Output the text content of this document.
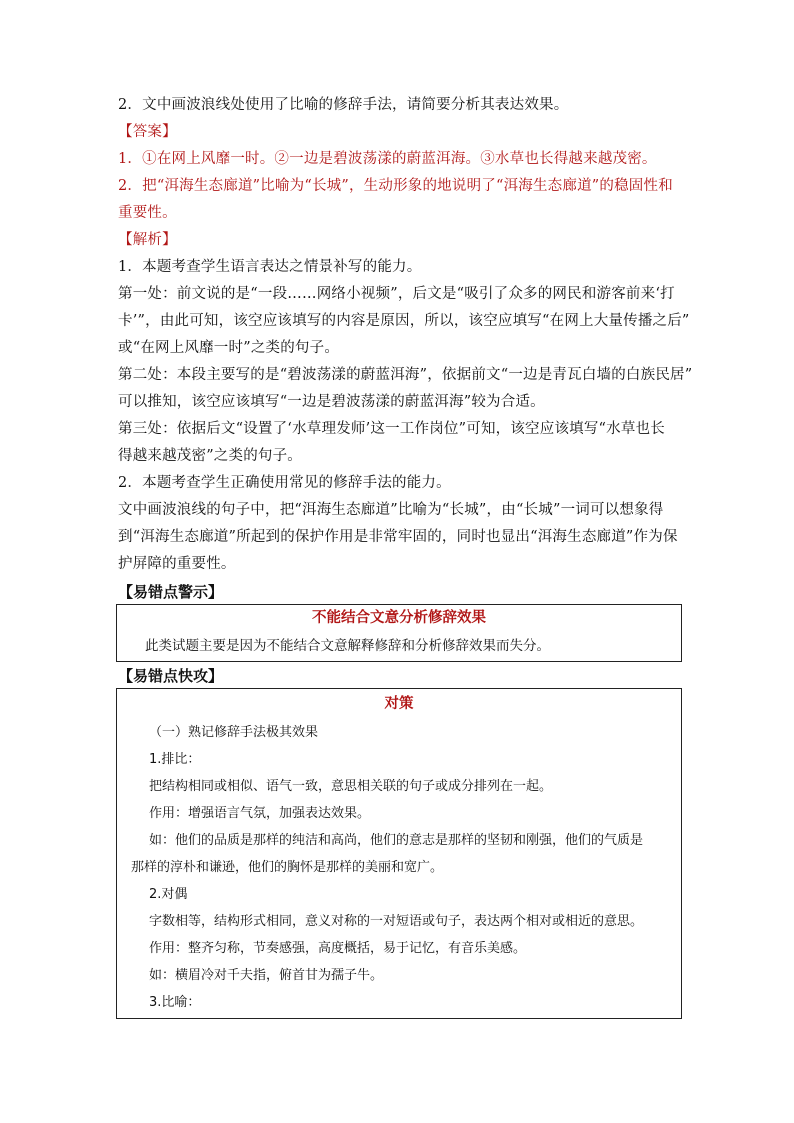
2．文中画波浪线处使用了比喻的修辞手法，请简要分析其表达效果。
【答案】
1．①在网上风靡一时。②一边是碧波荡漾的蔚蓝洱海。③水草也长得越来越茂密。
2．把“洱海生态廊道”比喻为“长城”，生动形象的地说明了“洱海生态廊道”的稳固性和
重要性。
【解析】
1．本题考查学生语言表达之情景补写的能力。
第一处：前文说的是“一段……网络小视频”，后文是“吸引了众多的网民和游客前来‘打
卡’”，由此可知，该空应该填写的内容是原因，所以，该空应填写“在网上大量传播之后”
或“在网上风靡一时”之类的句子。
第二处：本段主要写的是“碧波荡漾的蔚蓝洱海”，依据前文“一边是青瓦白墙的白族民居”
可以推知，该空应该填写“一边是碧波荡漾的蔚蓝洱海”较为合适。
第三处：依据后文“设置了‘水草理发师’这一工作岗位”可知，该空应该填写“水草也长
得越来越茂密”之类的句子。
2．本题考查学生正确使用常见的修辞手法的能力。
文中画波浪线的句子中，把“洱海生态廊道”比喻为“长城”，由“长城”一词可以想象得
到“洱海生态廊道”所起到的保护作用是非常牢固的，同时也显出“洱海生态廊道”作为保
护屏障的重要性。
【易错点警示】
不能结合文意分析修辞效果
此类试题主要是因为不能结合文意解释修辞和分析修辞效果而失分。
【易错点快攻】
对策
（一）熟记修辞手法极其效果
1.排比：
把结构相同或相似、语气一致，意思相关联的句子或成分排列在一起。
作用：增强语言气氛，加强表达效果。
如：他们的品质是那样的纯洁和高尚，他们的意志是那样的坚韧和刚强，他们的气质是
那样的淳朴和谦逊，他们的胸怀是那样的美丽和宽广。
2.对偶
字数相等，结构形式相同，意义对称的一对短语或句子，表达两个相对或相近的意思。
作用：整齐匀称，节奏感强，高度概括，易于记忆，有音乐美感。
如：横眉冷对千夫指，俯首甘为孺子牛。
3.比喻：
